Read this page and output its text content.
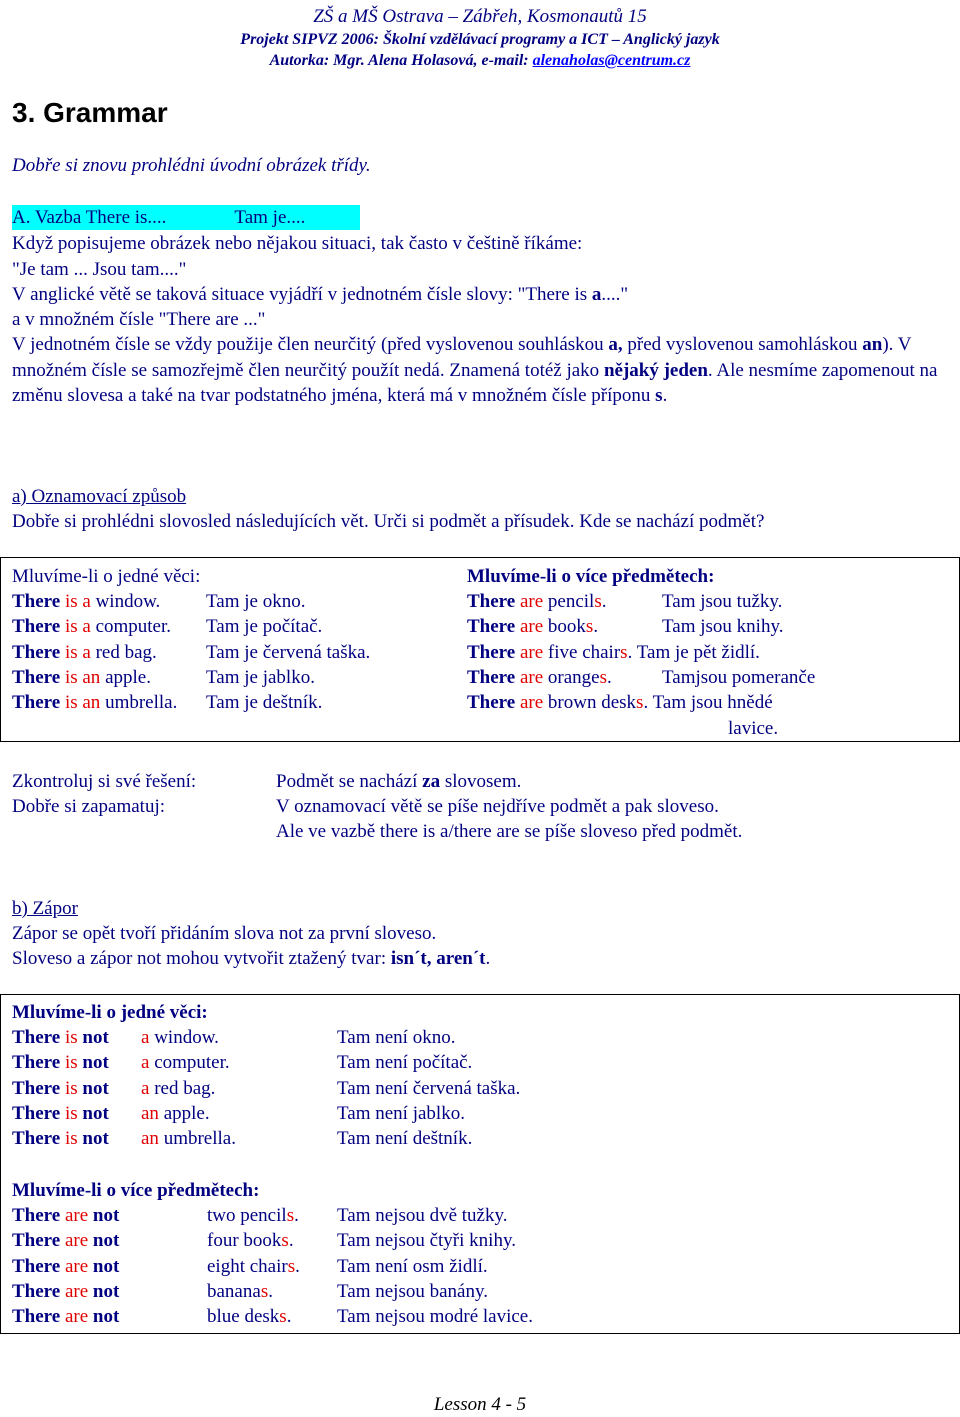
ZŠ a MŠ Ostrava – Zábřeh, Kosmonautů 15
Projekt SIPVZ 2006: Školní vzdělávací programy a ICT – Anglický jazyk
Autorka: Mgr. Alena Holasová, e-mail: alenaholas@centrum.cz
3. Grammar
Dobře si znovu prohlédni úvodní obrázek třídy.
A. Vazba There is....	Tam je....
Když popisujeme obrázek nebo nějakou situaci, tak často v češtině říkáme:
"Je tam ... Jsou tam...."
V anglické větě se taková situace vyjádří v jednotném čísle slovy: "There is a...."
a v množném čísle "There are ..."
V jednotném čísle se vždy použije člen neurčitý (před vyslovenou souhláskou a, před vyslovenou samohláskou an). V množném čísle se samozřejmě člen neurčitý použít nedá. Znamená totéž jako nějaký jeden. Ale nesmíme zapomenout na změnu slovesa a také na tvar podstatného jména, která má v množném čísle příponu s.
a) Oznamovací způsob
Dobře si prohlédni slovosled následujících vět. Urči si podmět a přísudek. Kde se nachází podmět?
Mluvíme-li o jedné věci:	Mluvíme-li o více předmětech:
There is a window. Tam je okno.
There is a computer. Tam je počítač.
There is a red bag.	Tam je červená taška.
There is an apple.	Tam je jablko.
There is an umbrella. Tam je deštník.
There are pencils.	Tam jsou tužky.
There are books.	Tam jsou knihy.
There are five chairs. Tam je pět židlí.
There are oranges.	Tamjsou pomeranče
There are brown desks. Tam jsou hnědé
lavice.
Zkontroluj si své řešení:
Dobře si zapamatuj:
Podmět se nachází za slovosem.
V oznamovací větě se píše nejdříve podmět a pak sloveso.
Ale ve vazbě there is a/there are se píše sloveso před podmět.
b) Zápor
Zápor se opět tvoří přidáním slova not za první sloveso.
Sloveso a zápor not mohou vytvořit ztažený tvar: isn´t, aren´t.
Mluvíme-li o jedné věci:
There is not a window.	Tam není okno.
There is not a computer.	Tam není počítač.
There is not a red bag.	Tam není červená taška.
There is not an apple.	Tam není jablko.
There is not an umbrella.	Tam není deštník.
Mluvíme-li o více předmětech:
There are not	two pencils. Tam nejsou dvě tužky.
There are not	four books. Tam nejsou čtyři knihy.
There are not	eight chairs. Tam není osm židlí.
There are not	bananas.	Tam nejsou banány.
There are not	blue desks. Tam nejsou modré lavice.
Lesson 4 - 5
